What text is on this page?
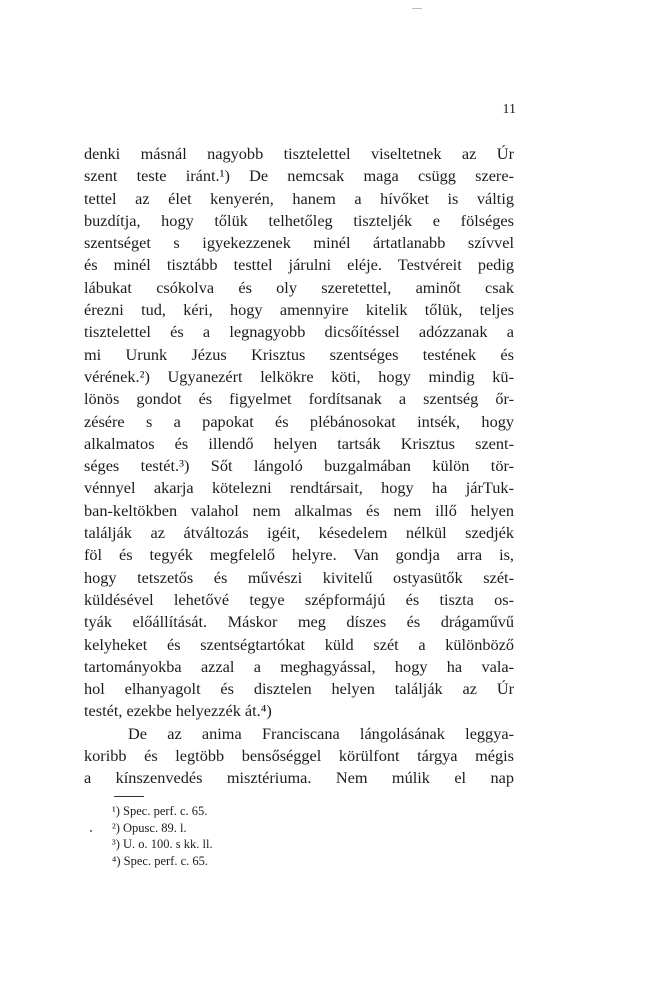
11
denki másnál nagyobb tisztelettel viseltetnek az Úr
szent teste iránt.¹) De nemcsak maga csügg szere-
tettel az élet kenyerén, hanem a hívőket is váltig
buzdítja, hogy tőlük telhetőleg tiszteljék e fölséges
szentséget s igyekezzenek minél ártatlanabb szívvel
és minél tisztább testtel járulni eléje. Testvéreit pedig
lábukat csókolva és oly szeretettel, aminőt csak
érezni tud, kéri, hogy amennyire kitelik tőlük, teljes
tisztelettel és a legnagyobb dicsőítéssel adózzanak a
mi Urunk Jézus Krisztus szentséges testének és
vérének.²) Ugyanezért lelkökre köti, hogy mindig kü-
lönös gondot és figyelmet fordítsanak a szentség őr-
zésére s a papokat és plébánosokat intsék, hogy
alkalmatos és illendő helyen tartsák Krisztus szent-
séges testét.³) Sőt lángoló buzgalmában külön tör-
vénnyel akarja kötelezni rendtársait, hogy ha járTuk-
ban-keltökben valahol nem alkalmas és nem illő helyen
találják az átváltozás igéit, késedelem nélkül szedjék
föl és tegyék megfelelő helyre. Van gondja arra is,
hogy tetszetős és művészi kivitelű ostyasütők szét-
küldésével lehetővé tegye szépformájú és tiszta os-
tyák előállítását. Máskor meg díszes és drágaművű
kelyheket és szentségtartókat küld szét a különböző
tartományokba azzal a meghagyással, hogy ha vala-
hol elhanyagolt és disztelen helyen találják az Úr
testét, ezekbe helyezzék át.⁴)
De az anima Franciscana lángolásának leggya-
koribb és legtöbb bensőséggel körülfont tárgya mégis
a kínszenvedés misztériuma. Nem múlik el nap
¹) Spec. perf. c. 65.
²) Opusc. 89. l.
³) U. o. 100. s kk. ll.
⁴) Spec. perf. c. 65.
